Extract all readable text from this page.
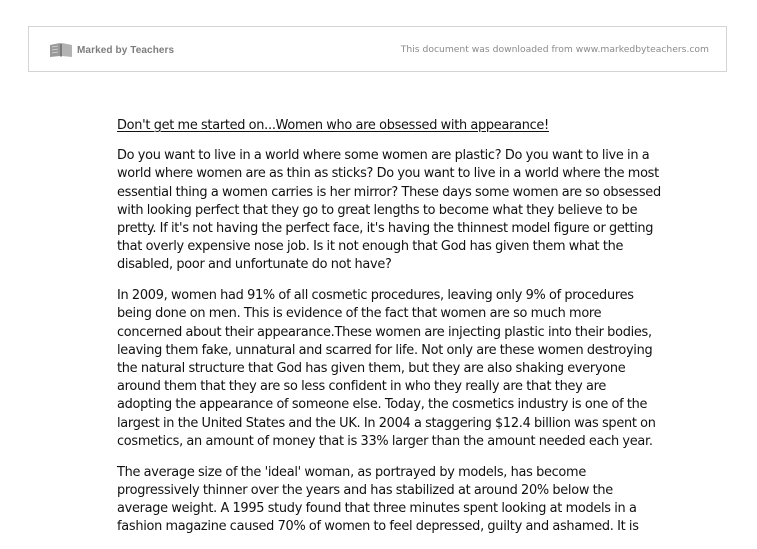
Marked by Teachers	This document was downloaded from www.markedbyteachers.com
Don't get me started on...Women who are obsessed with appearance!
Do you want to live in a world where some women are plastic? Do you want to live in a
world where women are as thin as sticks? Do you want to live in a world where the most
essential thing a women carries is her mirror? These days some women are so obsessed
with looking perfect that they go to great lengths to become what they believe to be
pretty. If it's not having the perfect face, it's having the thinnest model figure or getting
that overly expensive nose job. Is it not enough that God has given them what the
disabled, poor and unfortunate do not have?
In 2009, women had 91% of all cosmetic procedures, leaving only 9% of procedures
being done on men. This is evidence of the fact that women are so much more
concerned about their appearance.These women are injecting plastic into their bodies,
leaving them fake, unnatural and scarred for life. Not only are these women destroying
the natural structure that God has given them, but they are also shaking everyone
around them that they are so less confident in who they really are that they are
adopting the appearance of someone else. Today, the cosmetics industry is one of the
largest in the United States and the UK. In 2004 a staggering $12.4 billion was spent on
cosmetics, an amount of money that is 33% larger than the amount needed each year.
The average size of the 'ideal' woman, as portrayed by models, has become
progressively thinner over the years and has stabilized at around 20% below the
average weight. A 1995 study found that three minutes spent looking at models in a
fashion magazine caused 70% of women to feel depressed, guilty and ashamed. It is
